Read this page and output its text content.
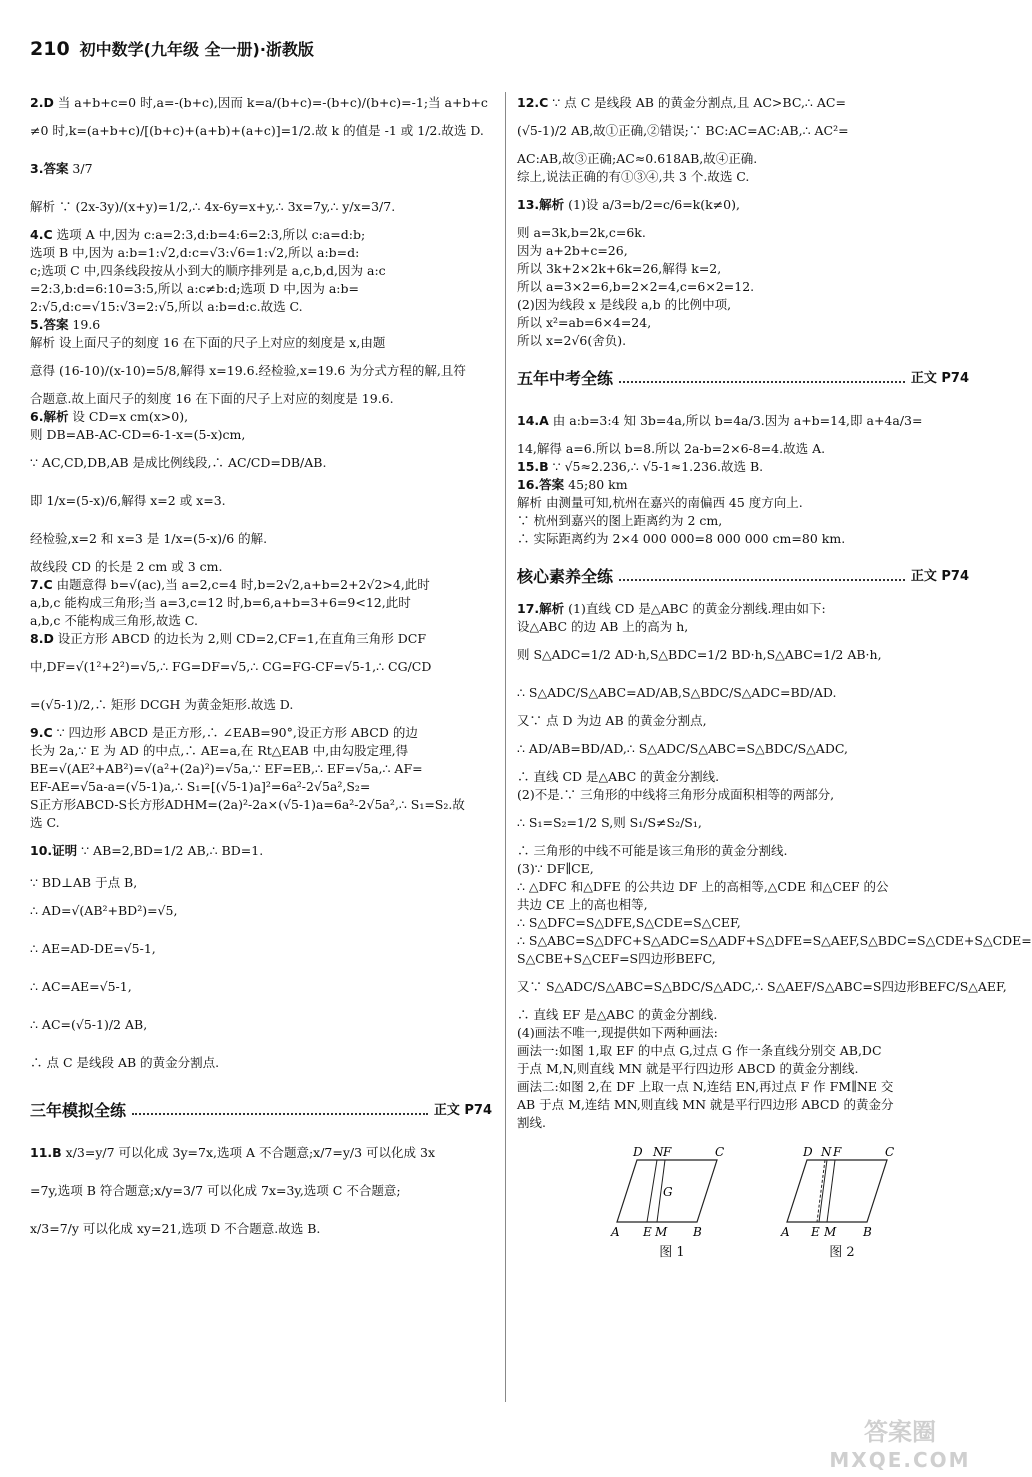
210 初中数学(九年级 全一册)·浙教版
2.D 当 a+b+c=0 时,a=-(b+c),因而 k=a/(b+c)=-(b+c)/(b+c)=-1;当 a+b+c
≠0 时,k=(a+b+c)/[(b+c)+(a+b)+(a+c)]=1/2.故 k 的值是 -1 或 1/2.故选 D.
3.答案 3/7
解析 ∵ (2x-3y)/(x+y)=1/2,∴ 4x-6y=x+y,∴ 3x=7y,∴ y/x=3/7.
4.C 选项 A 中,因为 c:a=2:3,d:b=4:6=2:3,所以 c:a=d:b;
选项 B 中,因为 a:b=1:√2,d:c=√3:√6=1:√2,所以 a:b=d:
c;选项 C 中,四条线段按从小到大的顺序排列是 a,c,b,d,因为 a:c
=2:3,b:d=6:10=3:5,所以 a:c≠b:d;选项 D 中,因为 a:b=
2:√5,d:c=√15:√3=2:√5,所以 a:b=d:c.故选 C.
5.答案 19.6
解析 设上面尺子的刻度 16 在下面的尺子上对应的刻度是 x,由题
意得 (16-10)/(x-10)=5/8,解得 x=19.6.经检验,x=19.6 为分式方程的解,且符
合题意.故上面尺子的刻度 16 在下面的尺子上对应的刻度是 19.6.
6.解析 设 CD=x cm(x>0),
则 DB=AB-AC-CD=6-1-x=(5-x)cm,
∵ AC,CD,DB,AB 是成比例线段,∴ AC/CD=DB/AB.
即 1/x=(5-x)/6,解得 x=2 或 x=3.
经检验,x=2 和 x=3 是 1/x=(5-x)/6 的解.
故线段 CD 的长是 2 cm 或 3 cm.
7.C 由题意得 b=√(ac),当 a=2,c=4 时,b=2√2,a+b=2+2√2>4,此时
a,b,c 能构成三角形;当 a=3,c=12 时,b=6,a+b=3+6=9<12,此时
a,b,c 不能构成三角形,故选 C.
8.D 设正方形 ABCD 的边长为 2,则 CD=2,CF=1,在直角三角形 DCF
中,DF=√(1²+2²)=√5,∴ FG=DF=√5,∴ CG=FG-CF=√5-1,∴ CG/CD
=(√5-1)/2,∴ 矩形 DCGH 为黄金矩形.故选 D.
9.C ∵ 四边形 ABCD 是正方形,∴ ∠EAB=90°,设正方形 ABCD 的边
长为 2a,∵ E 为 AD 的中点,∴ AE=a,在 Rt△EAB 中,由勾股定理,得
BE=√(AE²+AB²)=√(a²+(2a)²)=√5a,∵ EF=EB,∴ EF=√5a,∴ AF=
EF-AE=√5a-a=(√5-1)a,∴ S₁=[(√5-1)a]²=6a²-2√5a²,S₂=
S正方形ABCD-S长方形ADHM=(2a)²-2a×(√5-1)a=6a²-2√5a²,∴ S₁=S₂.故
选 C.
10.证明 ∵ AB=2,BD=1/2 AB,∴ BD=1.
∵ BD⊥AB 于点 B,
∴ AD=√(AB²+BD²)=√5,
∴ AE=AD-DE=√5-1,
∴ AC=AE=√5-1,
∴ AC=(√5-1)/2 AB,
∴ 点 C 是线段 AB 的黄金分割点.
三年模拟全练	正文 P74
11.B x/3=y/7 可以化成 3y=7x,选项 A 不合题意;x/7=y/3 可以化成 3x
=7y,选项 B 符合题意;x/y=3/7 可以化成 7x=3y,选项 C 不合题意;
x/3=7/y 可以化成 xy=21,选项 D 不合题意.故选 B.
12.C ∵ 点 C 是线段 AB 的黄金分割点,且 AC>BC,∴ AC=
(√5-1)/2 AB,故①正确,②错误;∵ BC:AC=AC:AB,∴ AC²=
AC:AB,故③正确;AC≈0.618AB,故④正确.
综上,说法正确的有①③④,共 3 个.故选 C.
13.解析 (1)设 a/3=b/2=c/6=k(k≠0),
则 a=3k,b=2k,c=6k.
因为 a+2b+c=26,
所以 3k+2×2k+6k=26,解得 k=2,
所以 a=3×2=6,b=2×2=4,c=6×2=12.
(2)因为线段 x 是线段 a,b 的比例中项,
所以 x²=ab=6×4=24,
所以 x=2√6(舍负).
五年中考全练	正文 P74
14.A 由 a:b=3:4 知 3b=4a,所以 b=4a/3.因为 a+b=14,即 a+4a/3=
14,解得 a=6.所以 b=8.所以 2a-b=2×6-8=4.故选 A.
15.B ∵ √5≈2.236,∴ √5-1≈1.236.故选 B.
16.答案 45;80 km
解析 由测量可知,杭州在嘉兴的南偏西 45 度方向上.
∵ 杭州到嘉兴的图上距离约为 2 cm,
∴ 实际距离约为 2×4 000 000=8 000 000 cm=80 km.
核心素养全练	正文 P74
17.解析 (1)直线 CD 是△ABC 的黄金分割线.理由如下:
设△ABC 的边 AB 上的高为 h,
则 S△ADC=1/2 AD·h,S△BDC=1/2 BD·h,S△ABC=1/2 AB·h,
∴ S△ADC/S△ABC=AD/AB,S△BDC/S△ADC=BD/AD.
又∵ 点 D 为边 AB 的黄金分割点,
∴ AD/AB=BD/AD,∴ S△ADC/S△ABC=S△BDC/S△ADC,
∴ 直线 CD 是△ABC 的黄金分割线.
(2)不是.∵ 三角形的中线将三角形分成面积相等的两部分,
∴ S₁=S₂=1/2 S,则 S₁/S≠S₂/S₁,
∴ 三角形的中线不可能是该三角形的黄金分割线.
(3)∵ DF∥CE,
∴ △DFC 和△DFE 的公共边 DF 上的高相等,△CDE 和△CEF 的公
共边 CE 上的高也相等,
∴ S△DFC=S△DFE,S△CDE=S△CEF,
∴ S△ABC=S△DFC+S△ADC=S△ADF+S△DFE=S△AEF,S△BDC=S△CDE+S△CDE=
S△CBE+S△CEF=S四边形BEFC,
又∵ S△ADC/S△ABC=S△BDC/S△ADC,∴ S△AEF/S△ABC=S四边形BEFC/S△AEF,
∴ 直线 EF 是△ABC 的黄金分割线.
(4)画法不唯一,现提供如下两种画法:
画法一:如图 1,取 EF 的中点 G,过点 G 作一条直线分别交 AB,DC
于点 M,N,则直线 MN 就是平行四边形 ABCD 的黄金分割线.
画法二:如图 2,在 DF 上取一点 N,连结 EN,再过点 F 作 FM∥NE 交
AB 于点 M,连结 MN,则直线 MN 就是平行四边形 ABCD 的黄金分
割线.
D N F	C
A E M B
G
图 1
D N F	C
A E M B
图 2
答案圈
MXQE.COM
